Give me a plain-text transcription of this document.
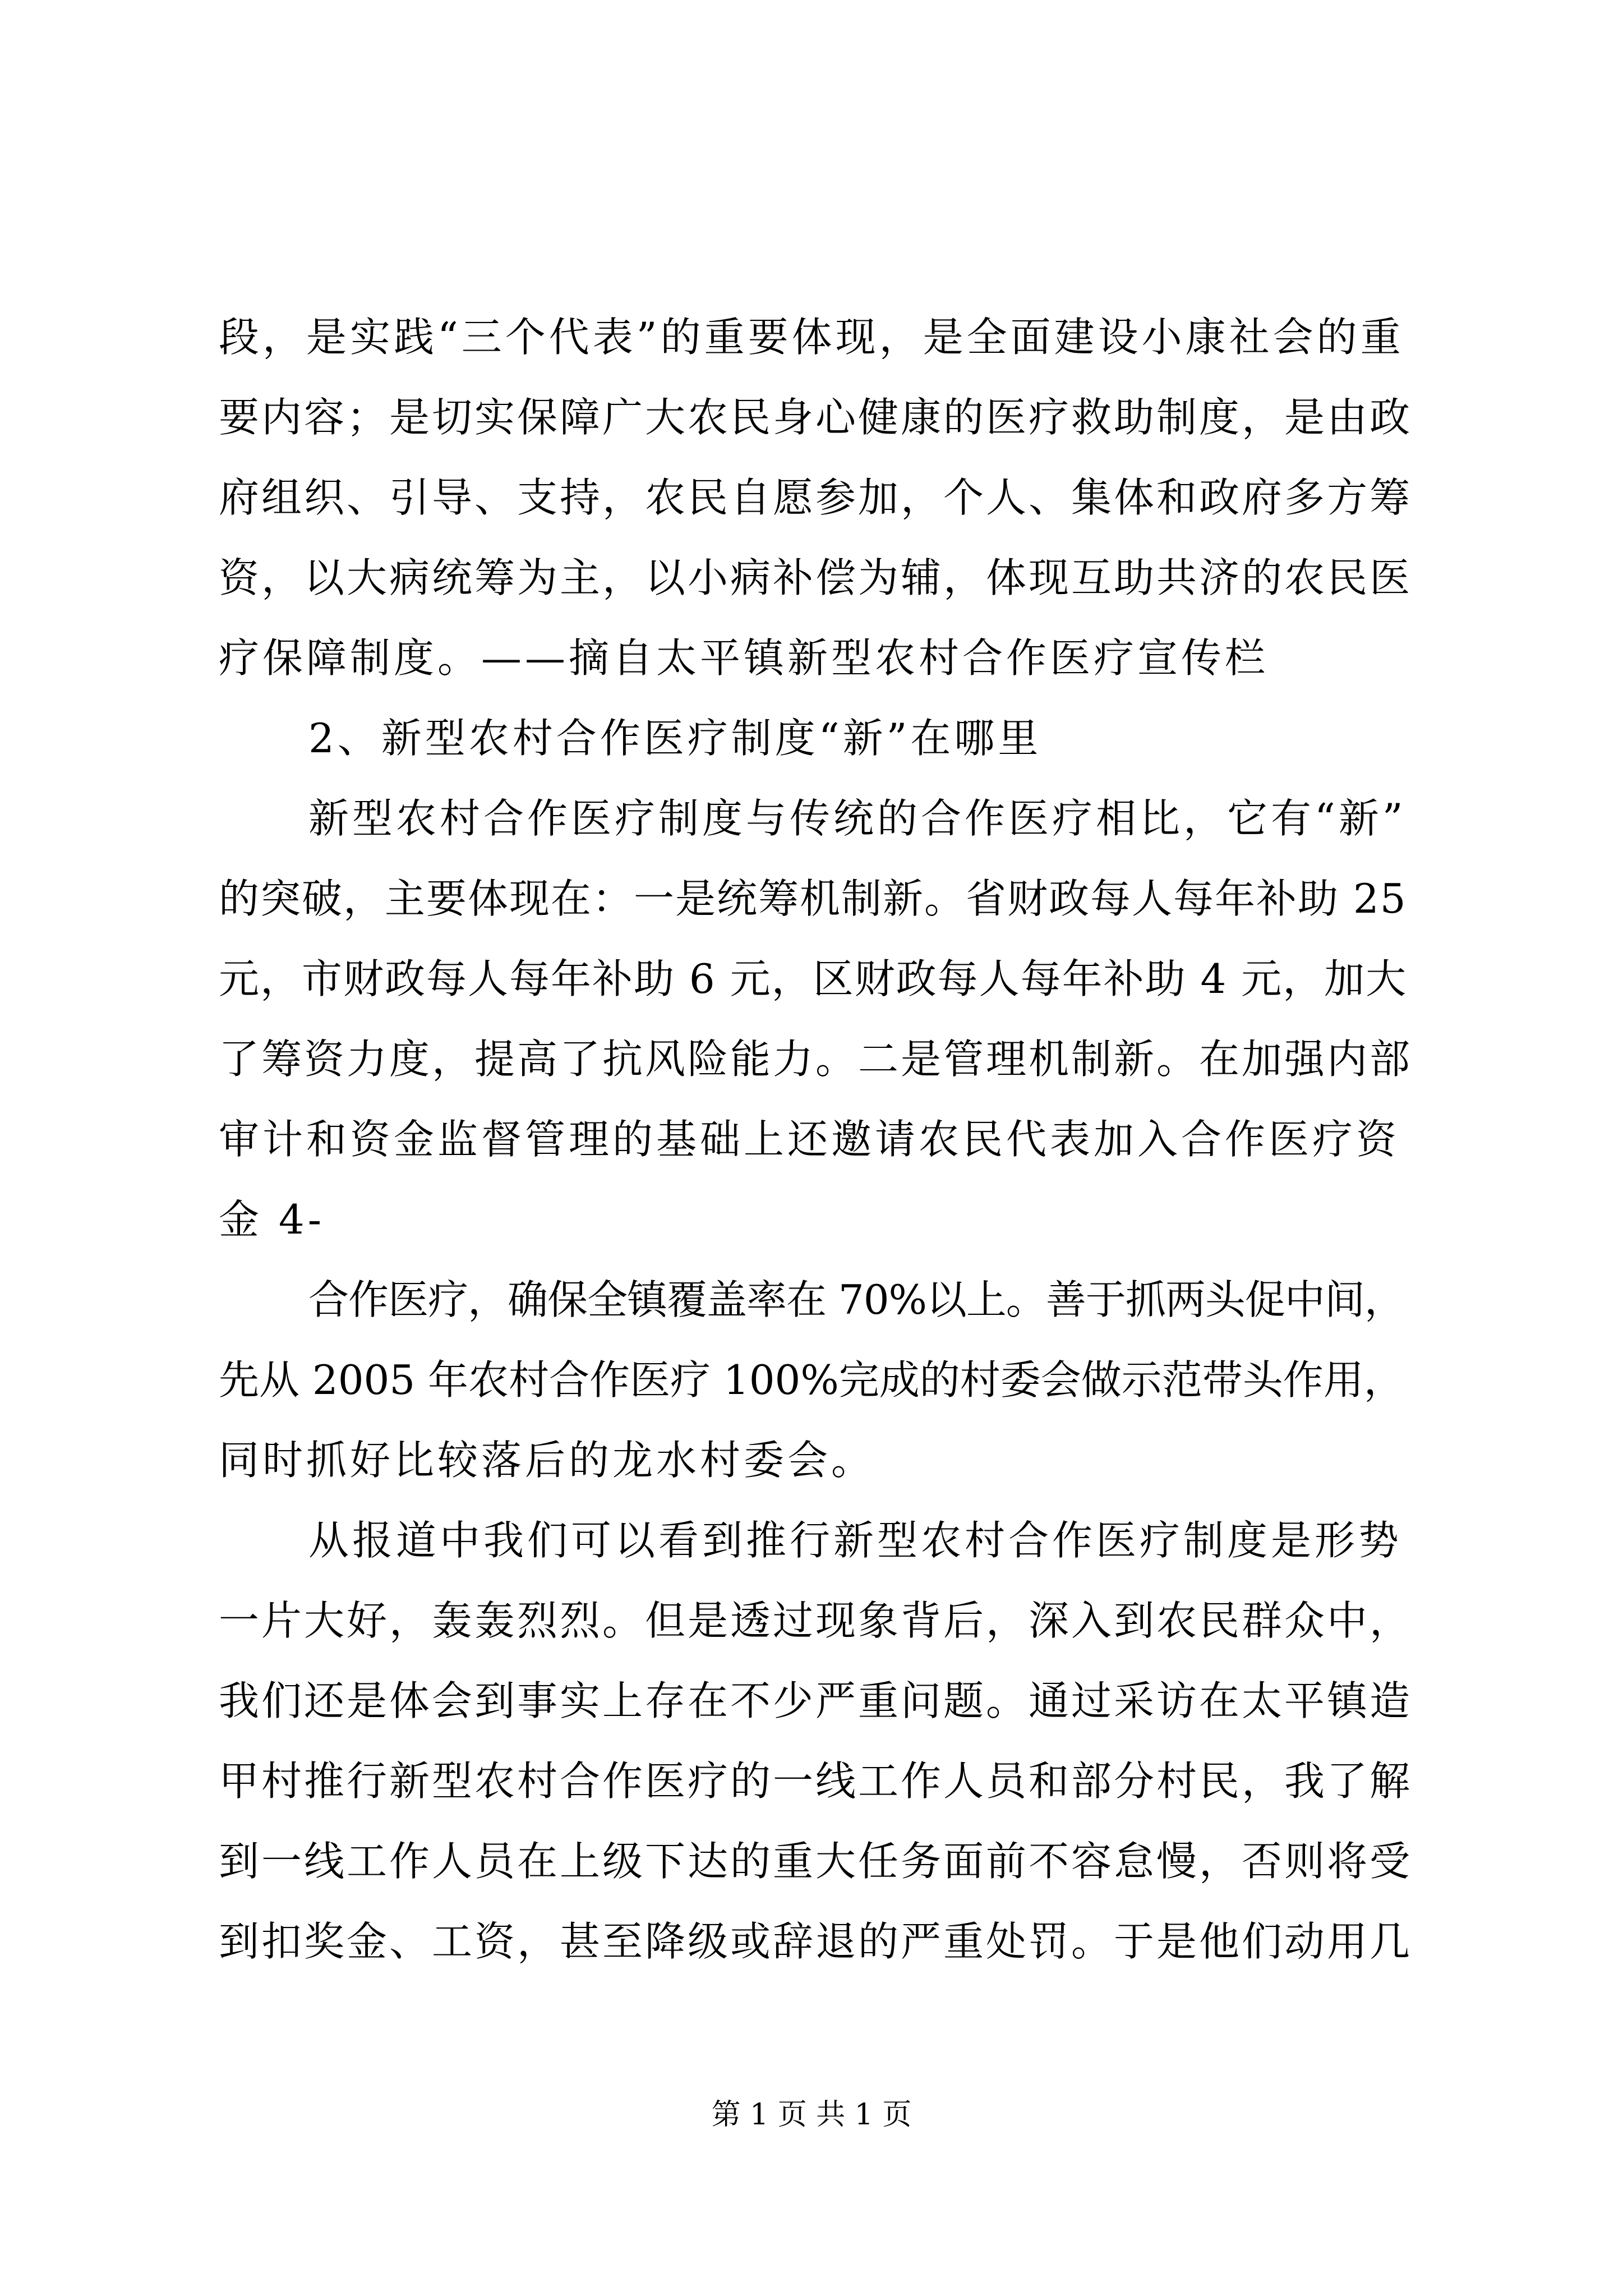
段，是实践“三个代表”的重要体现，是全面建设小康社会的重
要内容；是切实保障广大农民身心健康的医疗救助制度，是由政
府组织、引导、支持，农民自愿参加，个人、集体和政府多方筹
资，以大病统筹为主，以小病补偿为辅，体现互助共济的农民医
疗保障制度。——摘自太平镇新型农村合作医疗宣传栏
2、新型农村合作医疗制度“新”在哪里
新型农村合作医疗制度与传统的合作医疗相比，它有“新”
的突破，主要体现在：一是统筹机制新。省财政每人每年补助 25
元，市财政每人每年补助 6 元，区财政每人每年补助 4 元，加大
了筹资力度，提高了抗风险能力。二是管理机制新。在加强内部
审计和资金监督管理的基础上还邀请农民代表加入合作医疗资
金 4-
合作医疗，确保全镇覆盖率在 70%以上。善于抓两头促中间，
先从 2005 年农村合作医疗 100%完成的村委会做示范带头作用，
同时抓好比较落后的龙水村委会。
从报道中我们可以看到推行新型农村合作医疗制度是形势
一片大好，轰轰烈烈。但是透过现象背后，深入到农民群众中，
我们还是体会到事实上存在不少严重问题。通过采访在太平镇造
甲村推行新型农村合作医疗的一线工作人员和部分村民，我了解
到一线工作人员在上级下达的重大任务面前不容怠慢，否则将受
到扣奖金、工资，甚至降级或辞退的严重处罚。于是他们动用几
第 1 页 共 1 页
